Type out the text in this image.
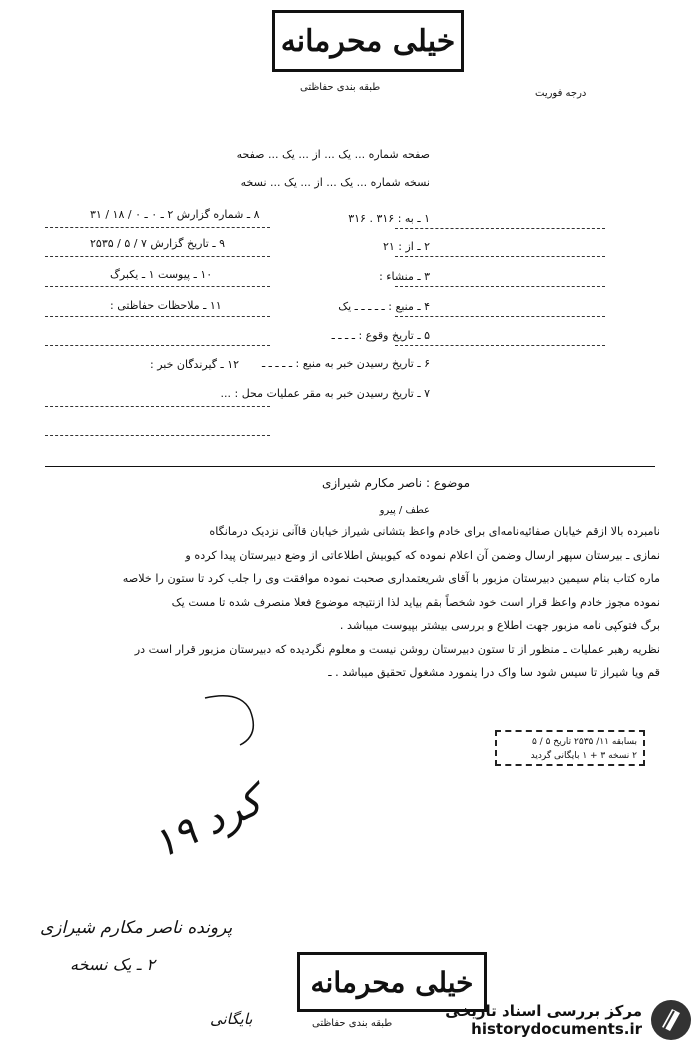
خیلی محرمانه
طبقه بندی حفاظتی
درجه فوریت
صفحه شماره ... یک ... از ... یک ... صفحه
نسخه شماره ... یک ... از ... یک ... نسخه
۱ ـ به : ۳۱۶ . ۳۱۶
۲ ـ از : ۲۱
۳ ـ منشاء :
۴ ـ منبع : ـ ـ ـ ـ ـ یک
۵ ـ تاریخ وقوع : ـ ـ ـ ـ
۶ ـ تاریخ رسیدن خبر به منبع : ـ ـ ـ ـ ـ
۷ ـ تاریخ رسیدن خبر به مقر عملیات محل : ...
۸ ـ شماره گزارش ۲ ـ ۰ ـ ۰ / ۱۸ / ۳۱
۹ ـ تاریخ گزارش ۷ / ۵ / ۲۵۳۵
۱۰ ـ پیوست ۱ ـ یکبرگ
۱۱ ـ ملاحظات حفاظتی :
۱۲ ـ گیرندگان خبر :
موضوع : ناصر مکارم شیرازی
عطف / پیرو
نامبرده بالا ازقم خیابان صفائیه‌نامه‌ای برای خادم واعظ بتشانی شیراز خیابان قاآنی نزدیک درمانگاه
نمازی ـ بیرستان سپهر ارسال وضمن آن اعلام نموده که کیوبیش اطلاعاتی از وضع دبیرستان پیدا کرده و
ماره کتاب بنام سیمین دبیرستان مزبور با آقای شریعتمداری صحبت نموده موافقت وی را جلب کرد تا ستون را خلاصه
نموده مجوز خادم واعظ قرار است خود شخصاً بقم بیاید لذا ازنتیجه موضوع فعلا منصرف شده تا مست یک
برگ فتوکپی نامه مزبور جهت اطلاع و بررسی بیشتر بپیوست میباشد .
نظریه رهبر عملیات ـ منظور از تا ستون دبیرستان روشن نیست و معلوم نگردیده که دبیرستان مزبور قرار است در
قم ویا شیراز تا سیس شود سا واک درا ینمورد مشغول تحقیق میباشد . ـ
بسابقه ۱۱/ ۲۵۳۵ تاریخ ۵ / ۵
۲ نسخه ۳ + ۱ بایگانی گردید
کرد ۱۹
پرونده ناصر مکارم شیرازی
۲ ـ یک نسخه
بایگانی
خیلی محرمانه
طبقه بندی حفاظتی
مرکز بررسی اسناد تاریخی
historydocuments.ir
